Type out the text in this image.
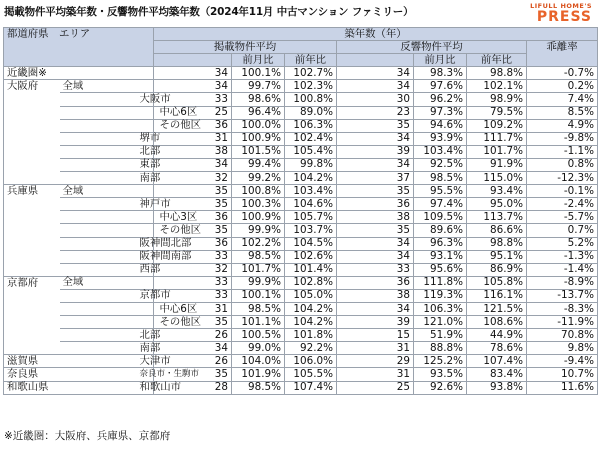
掲載物件平均築年数・反響物件平均築年数（2024年11月 中古マンション ファミリー）	LIFULL HOME'S
PRESS
都道府県　エリア		築年数（年）						
		掲載物件平均			反響物件平均			乖離率
			前月比	前年比		前月比	前年比	
近畿圏※		34	100.1%	102.7%	34	98.3%	98.8%	-0.7%
大阪府	全域	34	99.7%	102.3%	34	97.6%	102.1%	0.2%
	大阪市	33	98.6%	100.8%	30	96.2%	98.9%	7.4%
	中心6区	25	96.4%	89.0%	23	97.3%	79.5%	8.5%
	その他区	36	100.0%	106.3%	35	94.6%	109.2%	4.9%
	堺市	31	100.9%	102.4%	34	93.9%	111.7%	-9.8%
	北部	38	101.5%	105.4%	39	103.4%	101.7%	-1.1%
	東部	34	99.4%	99.8%	34	92.5%	91.9%	0.8%
	南部	32	99.2%	104.2%	37	98.5%	115.0%	-12.3%
兵庫県	全域	35	100.8%	103.4%	35	95.5%	93.4%	-0.1%
	神戸市	35	100.3%	104.6%	36	97.4%	95.0%	-2.4%
	中心3区	36	100.9%	105.7%	38	109.5%	113.7%	-5.7%
	その他区	35	99.9%	103.7%	35	89.6%	86.6%	0.7%
	阪神間北部	36	102.2%	104.5%	34	96.3%	98.8%	5.2%
	阪神間南部	33	98.5%	102.6%	34	93.1%	95.1%	-1.3%
	西部	32	101.7%	101.4%	33	95.6%	86.9%	-1.4%
京都府	全域	33	99.9%	102.8%	36	111.8%	105.8%	-8.9%
	京都市	33	100.1%	105.0%	38	119.3%	116.1%	-13.7%
	中心6区	31	98.5%	104.2%	34	106.3%	121.5%	-8.3%
	その他区	35	101.1%	104.2%	39	121.0%	108.6%	-11.9%
	北部	26	100.5%	101.8%	15	51.9%	44.9%	70.8%
	南部	34	99.0%	92.2%	31	88.8%	78.6%	9.8%
滋賀県	大津市	26	104.0%	106.0%	29	125.2%	107.4%	-9.4%
奈良県	奈良市・生駒市	35	101.9%	105.5%	31	93.5%	83.4%	10.7%
和歌山県	和歌山市	28	98.5%	107.4%	25	92.6%	93.8%	11.6%
※近畿圏：大阪府、兵庫県、京都府
